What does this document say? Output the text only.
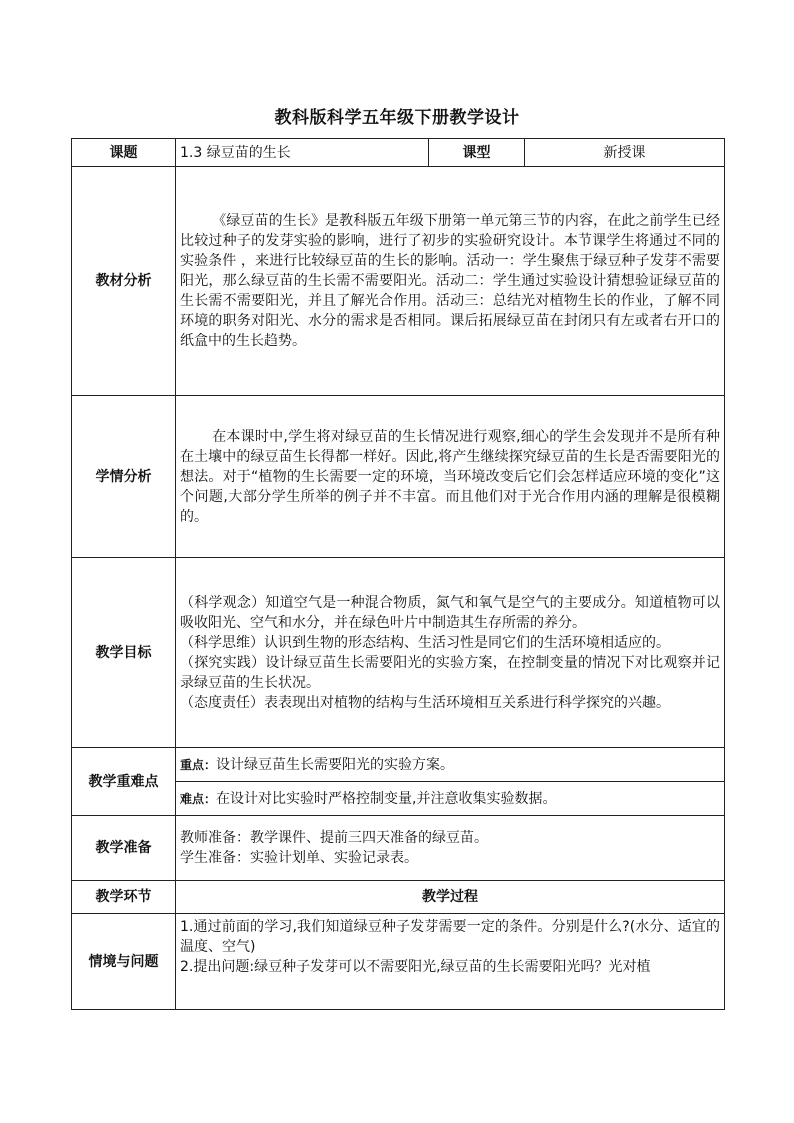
教科版科学五年级下册教学设计
课题	1.3 绿豆苗的生长	课型	新授课
教材分析	《绿豆苗的生长》是教科版五年级下册第一单元第三节的内容，在此之前学生已经比较过种子的发芽实验的影响，进行了初步的实验研究设计。本节课学生将通过不同的实验条件 ，来进行比较绿豆苗的生长的影响。活动一：学生聚焦于绿豆种子发芽不需要阳光，那么绿豆苗的生长需不需要阳光。活动二：学生通过实验设计猜想验证绿豆苗的生长需不需要阳光，并且了解光合作用。活动三：总结光对植物生长的作业，了解不同环境的职务对阳光、水分的需求是否相同。课后拓展绿豆苗在封闭只有左或者右开口的纸盒中的生长趋势。		

学情分析	在本课时中,学生将对绿豆苗的生长情况进行观察,细心的学生会发现并不是所有种在土壤中的绿豆苗生长得都一样好。因此,将产生继续探究绿豆苗的生长是否需要阳光的想法。对于“植物的生长需要一定的环境，当环境改变后它们会怎样适应环境的变化”这个问题,大部分学生所举的例子并不丰富。而且他们对于光合作用内涵的理解是很模糊的。		

教学目标	（科学观念）知道空气是一种混合物质，氮气和氧气是空气的主要成分。知道植物可以吸收阳光、空气和水分，并在绿色叶片中制造其生存所需的养分。
（科学思维）认识到生物的形态结构、生活习性是同它们的生活环境相适应的。
（探究实践）设计绿豆苗生长需要阳光的实验方案，在控制变量的情况下对比观察并记录绿豆苗的生长状况。
（态度责任）表表现出对植物的结构与生活环境相互关系进行科学探究的兴趣。		

教学重难点	重点：设计绿豆苗生长需要阳光的实验方案。		
	难点：在设计对比实验时严格控制变量,并注意收集实验数据。		
教学准备	教师准备：教学课件、提前三四天准备的绿豆苗。
学生准备：实验计划单、实验记录表。		

教学环节	教学过程		
情境与问题	1.通过前面的学习,我们知道绿豆种子发芽需要一定的条件。分别是什么?(水分、适宜的温度、空气)
2.提出问题:绿豆种子发芽可以不需要阳光,绿豆苗的生长需要阳光吗？光对植		
